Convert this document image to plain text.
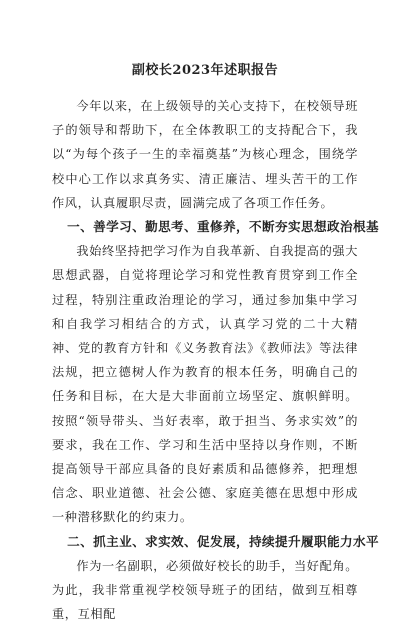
副校长2023年述职报告

今年以来，在上级领导的关心支持下，在校领导班子的领导和帮助下，在全体教职工的支持配合下，我以“为每个孩子一生的幸福奠基”为核心理念，围绕学校中心工作以求真务实、清正廉洁、埋头苦干的工作作风，认真履职尽责，圆满完成了各项工作任务。

一、善学习、勤思考、重修养，不断夯实思想政治根基

我始终坚持把学习作为自我革新、自我提高的强大思想武器，自觉将理论学习和党性教育贯穿到工作全过程，特别注重政治理论的学习，通过参加集中学习和自我学习相结合的方式，认真学习党的二十大精神、党的教育方针和《义务教育法》《教师法》等法律法规，把立德树人作为教育的根本任务，明确自己的任务和目标，在大是大非面前立场坚定、旗帜鲜明。按照“领导带头、当好表率，敢于担当、务求实效”的要求，我在工作、学习和生活中坚持以身作则，不断提高领导干部应具备的良好素质和品德修养，把理想信念、职业道德、社会公德、家庭美德在思想中形成一种潜移默化的约束力。

二、抓主业、求实效、促发展，持续提升履职能力水平

作为一名副职，必须做好校长的助手，当好配角。为此，我非常重视学校领导班子的团结，做到互相尊重，互相配
